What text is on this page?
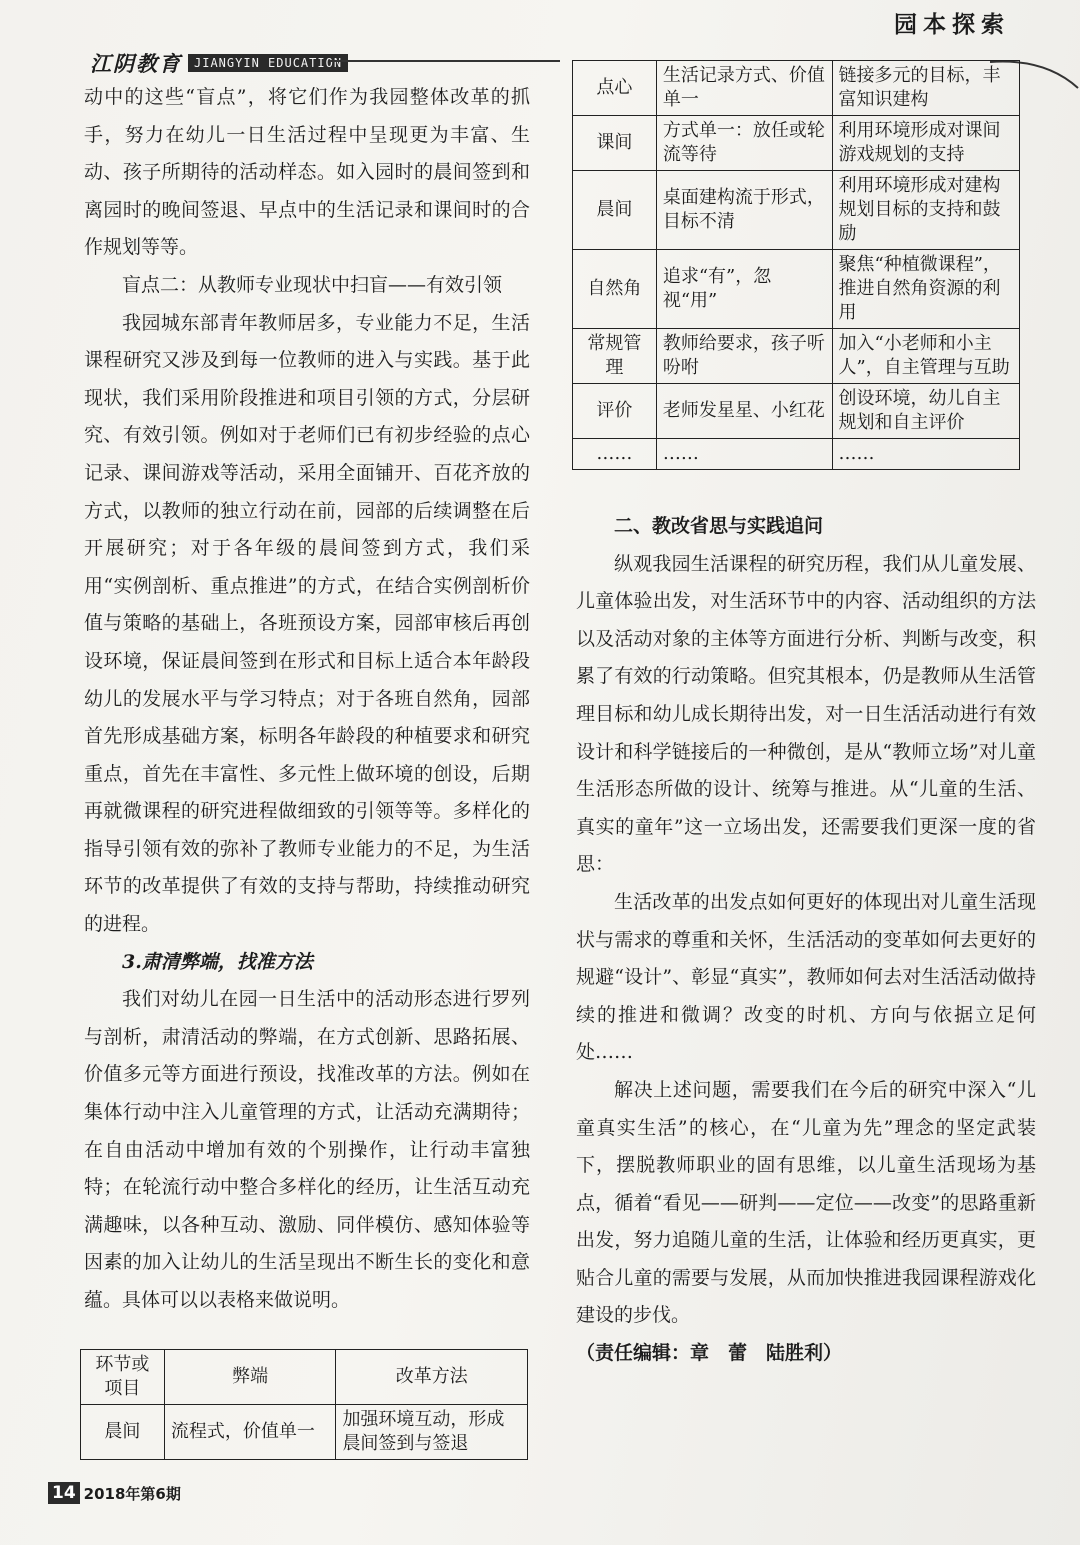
园本探索
江阴教育	JIANGYIN EDUCATION
点心	生活记录方式、价值单一	链接多元的目标，丰富知识建构
课间	方式单一：放任或轮流等待	利用环境形成对课间游戏规划的支持
晨间	桌面建构流于形式，目标不清	利用环境形成对建构规划目标的支持和鼓励
自然角	追求“有”，忽视“用”	聚焦“种植微课程”，推进自然角资源的利用
常规管理	教师给要求，孩子听吩咐	加入“小老师和小主人”，自主管理与互助
评价	老师发星星、小红花	创设环境，幼儿自主规划和自主评价
……	……	……

动中的这些“盲点”，将它们作为我园整体改革的抓手，努力在幼儿一日生活过程中呈现更为丰富、生动、孩子所期待的活动样态。如入园时的晨间签到和离园时的晚间签退、早点中的生活记录和课间时的合作规划等等。

盲点二：从教师专业现状中扫盲——有效引领

我园城东部青年教师居多，专业能力不足，生活课程研究又涉及到每一位教师的进入与实践。基于此现状，我们采用阶段推进和项目引领的方式，分层研究、有效引领。例如对于老师们已有初步经验的点心记录、课间游戏等活动，采用全面铺开、百花齐放的方式，以教师的独立行动在前，园部的后续调整在后开展研究；对于各年级的晨间签到方式，我们采用“实例剖析、重点推进”的方式，在结合实例剖析价值与策略的基础上，各班预设方案，园部审核后再创设环境，保证晨间签到在形式和目标上适合本年龄段幼儿的发展水平与学习特点；对于各班自然角，园部首先形成基础方案，标明各年龄段的种植要求和研究重点，首先在丰富性、多元性上做环境的创设，后期再就微课程的研究进程做细致的引领等等。多样化的指导引领有效的弥补了教师专业能力的不足，为生活环节的改革提供了有效的支持与帮助，持续推动研究的进程。

3.肃清弊端，找准方法

我们对幼儿在园一日生活中的活动形态进行罗列与剖析，肃清活动的弊端，在方式创新、思路拓展、价值多元等方面进行预设，找准改革的方法。例如在集体行动中注入儿童管理的方式，让活动充满期待；在自由活动中增加有效的个别操作，让行动丰富独特；在轮流行动中整合多样化的经历，让生活互动充满趣味，以各种互动、激励、同伴模仿、感知体验等因素的加入让幼儿的生活呈现出不断生长的变化和意蕴。具体可以以表格来做说明。

环节或项目	弊端	改革方法
晨间	流程式，价值单一	加强环境互动，形成晨间签到与签退

二、教改省思与实践追问

纵观我园生活课程的研究历程，我们从儿童发展、儿童体验出发，对生活环节中的内容、活动组织的方法以及活动对象的主体等方面进行分析、判断与改变，积累了有效的行动策略。但究其根本，仍是教师从生活管理目标和幼儿成长期待出发，对一日生活活动进行有效设计和科学链接后的一种微创，是从“教师立场”对儿童生活形态所做的设计、统筹与推进。从“儿童的生活、真实的童年”这一立场出发，还需要我们更深一度的省思：

生活改革的出发点如何更好的体现出对儿童生活现状与需求的尊重和关怀，生活活动的变革如何去更好的规避“设计”、彰显“真实”，教师如何去对生活活动做持续的推进和微调？改变的时机、方向与依据立足何处……

解决上述问题，需要我们在今后的研究中深入“儿童真实生活”的核心，在“儿童为先”理念的坚定武装下，摆脱教师职业的固有思维，以儿童生活现场为基点，循着“看见——研判——定位——改变”的思路重新出发，努力追随儿童的生活，让体验和经历更真实，更贴合儿童的需要与发展，从而加快推进我园课程游戏化建设的步伐。

（责任编辑：章　蕾　陆胜利）

14 2018年第6期
